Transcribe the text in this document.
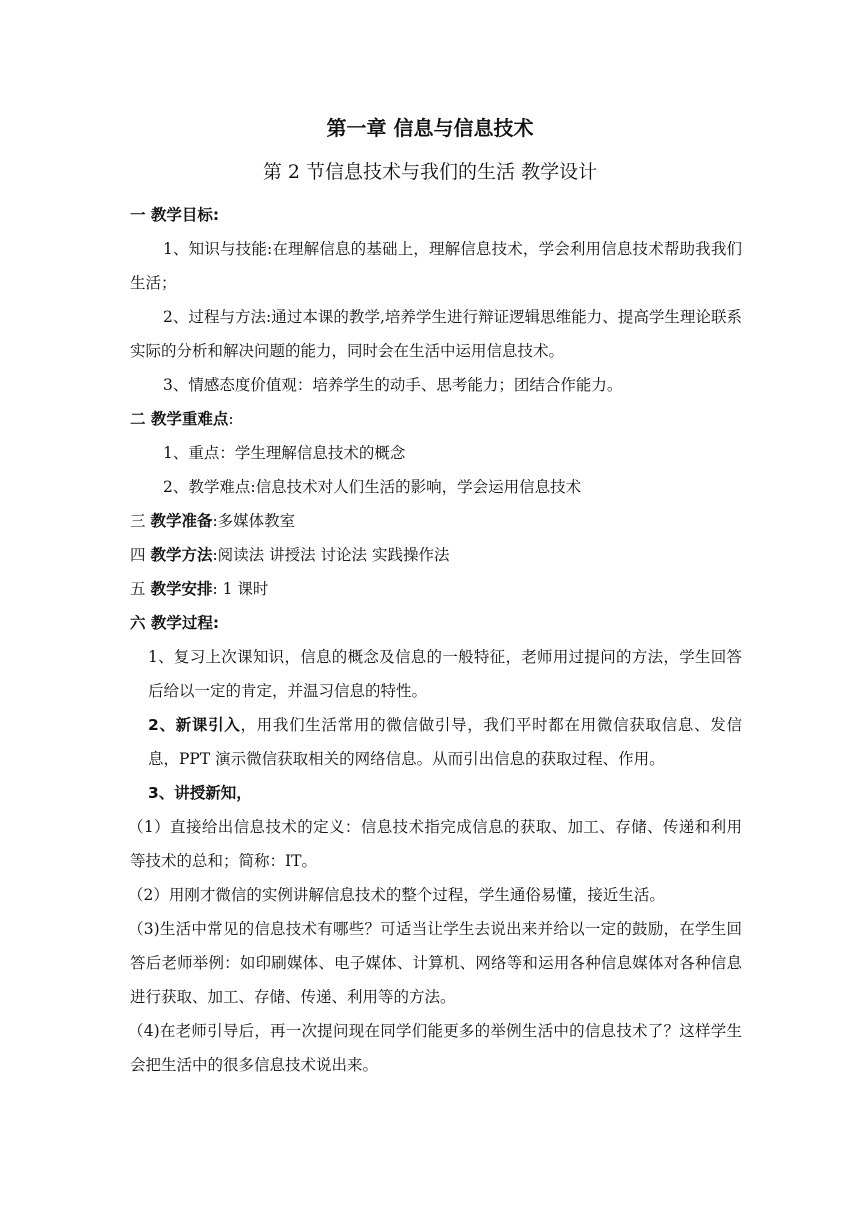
第一章 信息与信息技术
第 2 节信息技术与我们的生活 教学设计
一 教学目标:
1、知识与技能:在理解信息的基础上，理解信息技术，学会利用信息技术帮助我我们生活；
2、过程与方法:通过本课的教学,培养学生进行辩证逻辑思维能力、提高学生理论联系实际的分析和解决问题的能力，同时会在生活中运用信息技术。
3、情感态度价值观：培养学生的动手、思考能力；团结合作能力。
二 教学重难点:
1、重点：学生理解信息技术的概念
2、教学难点:信息技术对人们生活的影响，学会运用信息技术
三 教学准备:多媒体教室
四 教学方法:阅读法 讲授法 讨论法 实践操作法
五 教学安排: 1 课时
六 教学过程:
1、复习上次课知识，信息的概念及信息的一般特征，老师用过提问的方法，学生回答后给以一定的肯定，并温习信息的特性。
2、新课引入，用我们生活常用的微信做引导，我们平时都在用微信获取信息、发信息，PPT 演示微信获取相关的网络信息。从而引出信息的获取过程、作用。
3、讲授新知，
（1）直接给出信息技术的定义：信息技术指完成信息的获取、加工、存储、传递和利用等技术的总和；简称：IT。
（2）用刚才微信的实例讲解信息技术的整个过程，学生通俗易懂，接近生活。
（3)生活中常见的信息技术有哪些？可适当让学生去说出来并给以一定的鼓励，在学生回答后老师举例：如印刷媒体、电子媒体、计算机、网络等和运用各种信息媒体对各种信息进行获取、加工、存储、传递、利用等的方法。
（4)在老师引导后，再一次提问现在同学们能更多的举例生活中的信息技术了？这样学生会把生活中的很多信息技术说出来。
